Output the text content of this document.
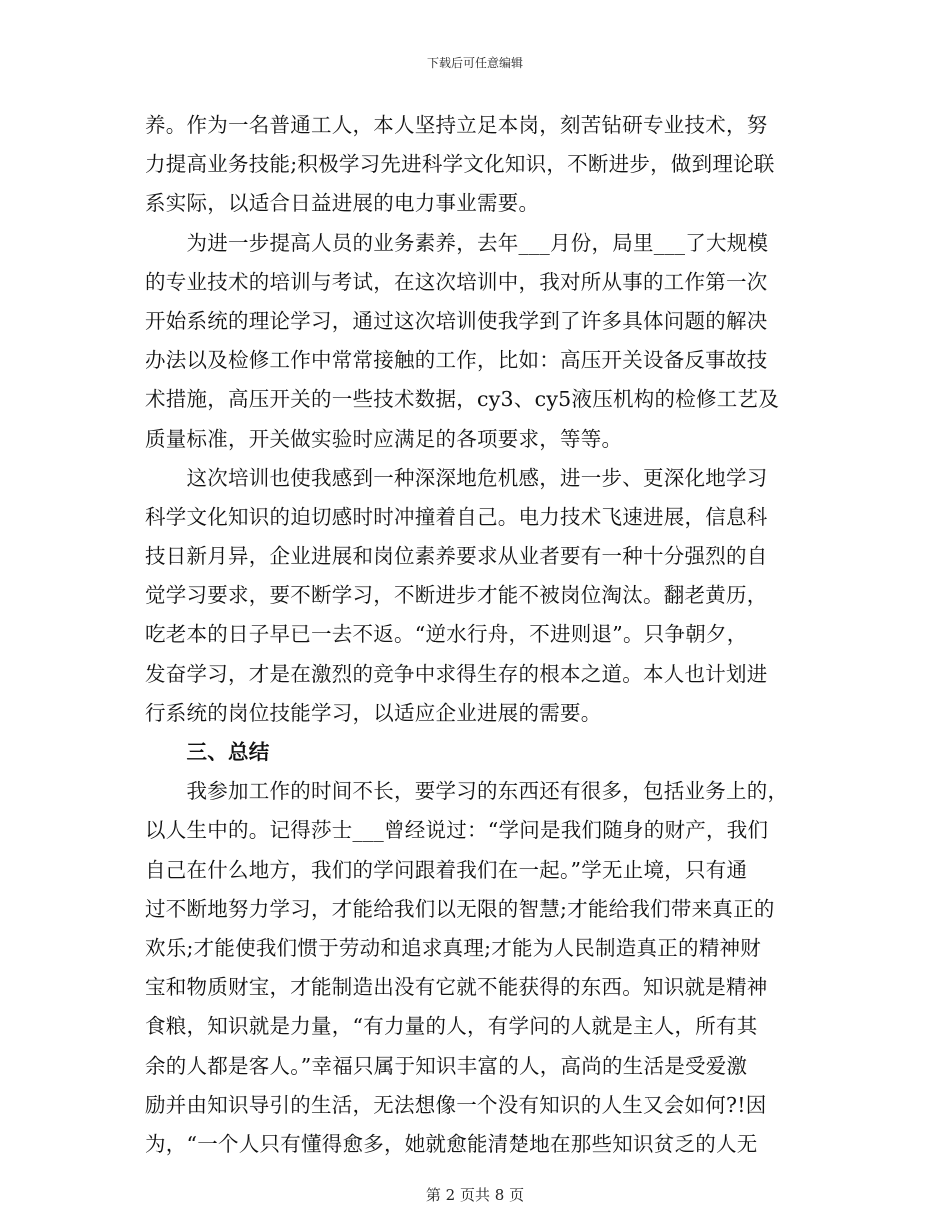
下载后可任意编辑
养。作为一名普通工人，本人坚持立足本岗，刻苦钻研专业技术，努
力提高业务技能;积极学习先进科学文化知识，不断进步，做到理论联
系实际，以适合日益进展的电力事业需要。
　　为进一步提高人员的业务素养，去年___月份，局里___了大规模
的专业技术的培训与考试，在这次培训中，我对所从事的工作第一次
开始系统的理论学习，通过这次培训使我学到了许多具体问题的解决
办法以及检修工作中常常接触的工作，比如：高压开关设备反事故技
术措施，高压开关的一些技术数据，cy3、cy5液压机构的检修工艺及
质量标准，开关做实验时应满足的各项要求，等等。
　　这次培训也使我感到一种深深地危机感，进一步、更深化地学习
科学文化知识的迫切感时时冲撞着自己。电力技术飞速进展，信息科
技日新月异，企业进展和岗位素养要求从业者要有一种十分强烈的自
觉学习要求，要不断学习，不断进步才能不被岗位淘汰。翻老黄历，
吃老本的日子早已一去不返。“逆水行舟，不进则退”。只争朝夕，
发奋学习，才是在激烈的竞争中求得生存的根本之道。本人也计划进
行系统的岗位技能学习，以适应企业进展的需要。
　　三、总结
　　我参加工作的时间不长，要学习的东西还有很多，包括业务上的，
以人生中的。记得莎士___曾经说过：“学问是我们随身的财产，我们
自己在什么地方，我们的学问跟着我们在一起。”学无止境，只有通
过不断地努力学习，才能给我们以无限的智慧;才能给我们带来真正的
欢乐;才能使我们惯于劳动和追求真理;才能为人民制造真正的精神财
宝和物质财宝，才能制造出没有它就不能获得的东西。知识就是精神
食粮，知识就是力量，“有力量的人，有学问的人就是主人，所有其
余的人都是客人。”幸福只属于知识丰富的人，高尚的生活是受爱激
励并由知识导引的生活，无法想像一个没有知识的人生又会如何?!因
为，“一个人只有懂得愈多，她就愈能清楚地在那些知识贫乏的人无
第 2 页共 8 页
